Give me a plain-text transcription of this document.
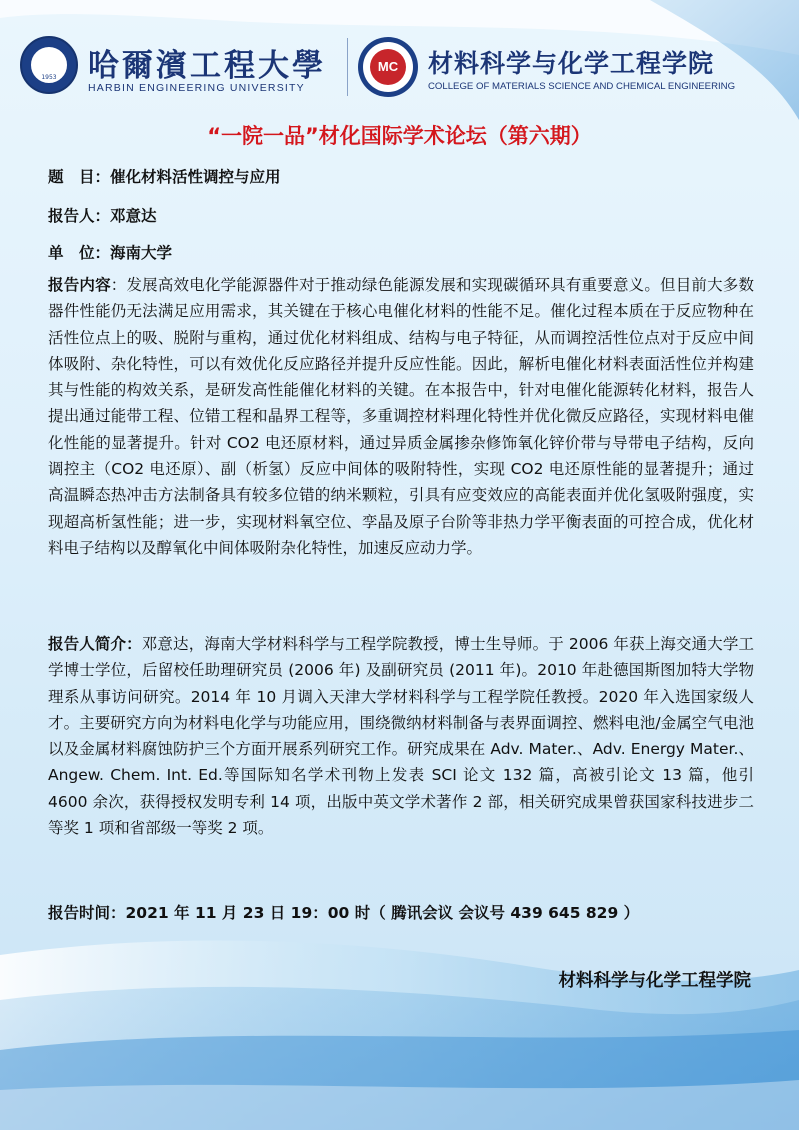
1953	哈爾濱工程大學
HARBIN ENGINEERING UNIVERSITY
MC	材料科学与化学工程学院
COLLEGE OF MATERIALS SCIENCE AND CHEMICAL ENGINEERING
“一院一品”材化国际学术论坛（第六期）
题　目：催化材料活性调控与应用
报告人：邓意达
单　位：海南大学
报告内容：发展高效电化学能源器件对于推动绿色能源发展和实现碳循环具有重要意义。但目前大多数器件性能仍无法满足应用需求，其关键在于核心电催化材料的性能不足。催化过程本质在于反应物种在活性位点上的吸、脱附与重构，通过优化材料组成、结构与电子特征，从而调控活性位点对于反应中间体吸附、杂化特性，可以有效优化反应路径并提升反应性能。因此，解析电催化材料表面活性位并构建其与性能的构效关系，是研发高性能催化材料的关键。在本报告中，针对电催化能源转化材料，报告人提出通过能带工程、位错工程和晶界工程等，多重调控材料理化特性并优化微反应路径，实现材料电催化性能的显著提升。针对 CO2 电还原材料，通过异质金属掺杂修饰氧化锌价带与导带电子结构，反向调控主（CO2 电还原）、副（析氢）反应中间体的吸附特性，实现 CO2 电还原性能的显著提升；通过高温瞬态热冲击方法制备具有较多位错的纳米颗粒，引具有应变效应的高能表面并优化氢吸附强度，实现超高析氢性能；进一步，实现材料氧空位、孪晶及原子台阶等非热力学平衡表面的可控合成，优化材料电子结构以及醇氧化中间体吸附杂化特性，加速反应动力学。
报告人简介：邓意达，海南大学材料科学与工程学院教授，博士生导师。于 2006 年获上海交通大学工学博士学位，后留校任助理研究员 (2006 年) 及副研究员 (2011 年)。2010 年赴德国斯图加特大学物理系从事访问研究。2014 年 10 月调入天津大学材料科学与工程学院任教授。2020 年入选国家级人才。主要研究方向为材料电化学与功能应用，围绕微纳材料制备与表界面调控、燃料电池/金属空气电池以及金属材料腐蚀防护三个方面开展系列研究工作。研究成果在 Adv. Mater.、Adv. Energy Mater.、Angew. Chem. Int. Ed.等国际知名学术刊物上发表 SCI 论文 132 篇，高被引论文 13 篇，他引 4600 余次，获得授权发明专利 14 项，出版中英文学术著作 2 部，相关研究成果曾获国家科技进步二等奖 1 项和省部级一等奖 2 项。
报告时间：2021 年 11 月 23 日 19：00 时（ 腾讯会议 会议号 439 645 829 ）
材料科学与化学工程学院
